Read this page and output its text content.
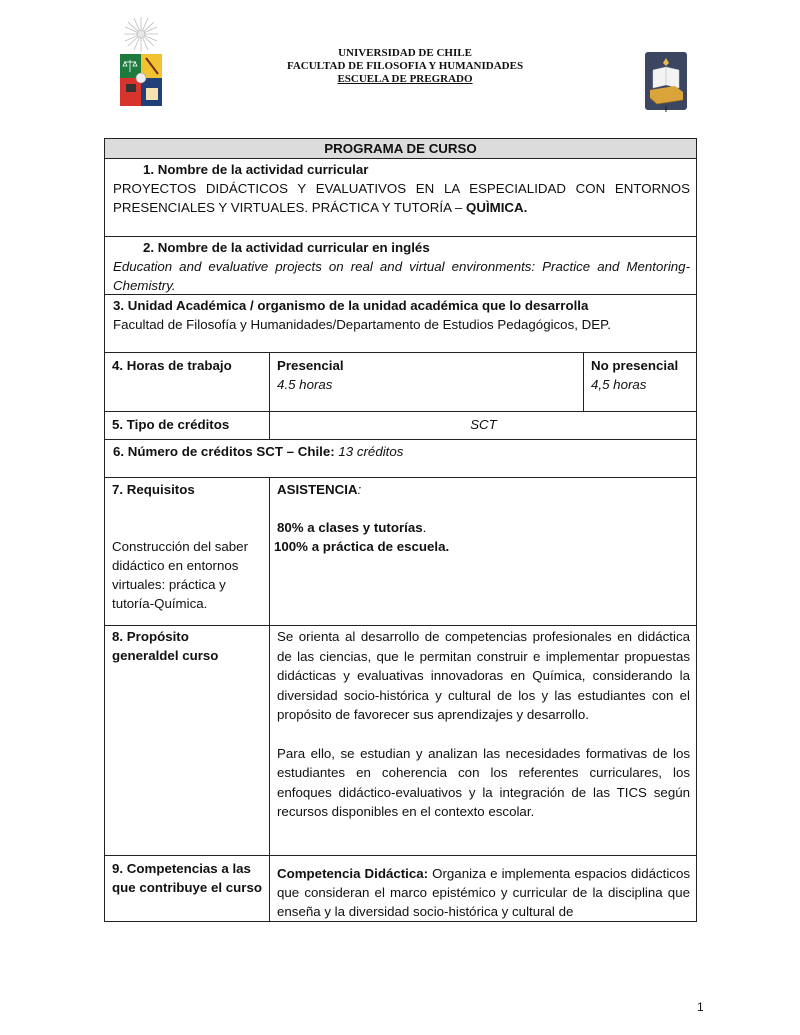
UNIVERSIDAD DE CHILE
FACULTAD DE FILOSOFIA Y HUMANIDADES
ESCUELA DE PREGRADO
PROGRAMA DE CURSO
1. Nombre de la actividad curricular
PROYECTOS DIDÁCTICOS Y EVALUATIVOS EN LA ESPECIALIDAD CON ENTORNOS PRESENCIALES Y VIRTUALES. PRÁCTICA Y TUTORÍA – QUÌMICA.
2. Nombre de la actividad curricular en inglés
Education and evaluative projects on real and virtual environments: Practice and Mentoring- Chemistry.
3. Unidad Académica / organismo de la unidad académica que lo desarrolla
Facultad de Filosofía y Humanidades/Departamento de Estudios Pedagógicos, DEP.
4. Horas de trabajo	Presencial
4.5 horas
No presencial
4,5 horas
5. Tipo de créditos	SCT
6. Número de créditos SCT – Chile: 13 créditos
7. Requisitos
Construcción del saber didáctico en entornos virtuales: práctica y tutoría-Química.
ASISTENCIA:
80% a clases y tutorías.
100% a práctica de escuela.
8. Propósito
generaldel curso
Se orienta al desarrollo de competencias profesionales en didáctica de las ciencias, que le permitan construir e implementar propuestas didácticas y evaluativas innovadoras en Química, considerando la diversidad socio-histórica y cultural de los y las estudiantes con el propósito de favorecer sus aprendizajes y desarrollo.
Para ello, se estudian y analizan las necesidades formativas de los estudiantes en coherencia con los referentes curriculares, los enfoques didáctico-evaluativos y la integración de las TICS según recursos disponibles en el contexto escolar.
9. Competencias a las que contribuye el curso
Competencia Didáctica: Organiza e implementa espacios didácticos que consideran el marco epistémico y curricular de la disciplina que enseña y la diversidad socio-histórica y cultural de
1
